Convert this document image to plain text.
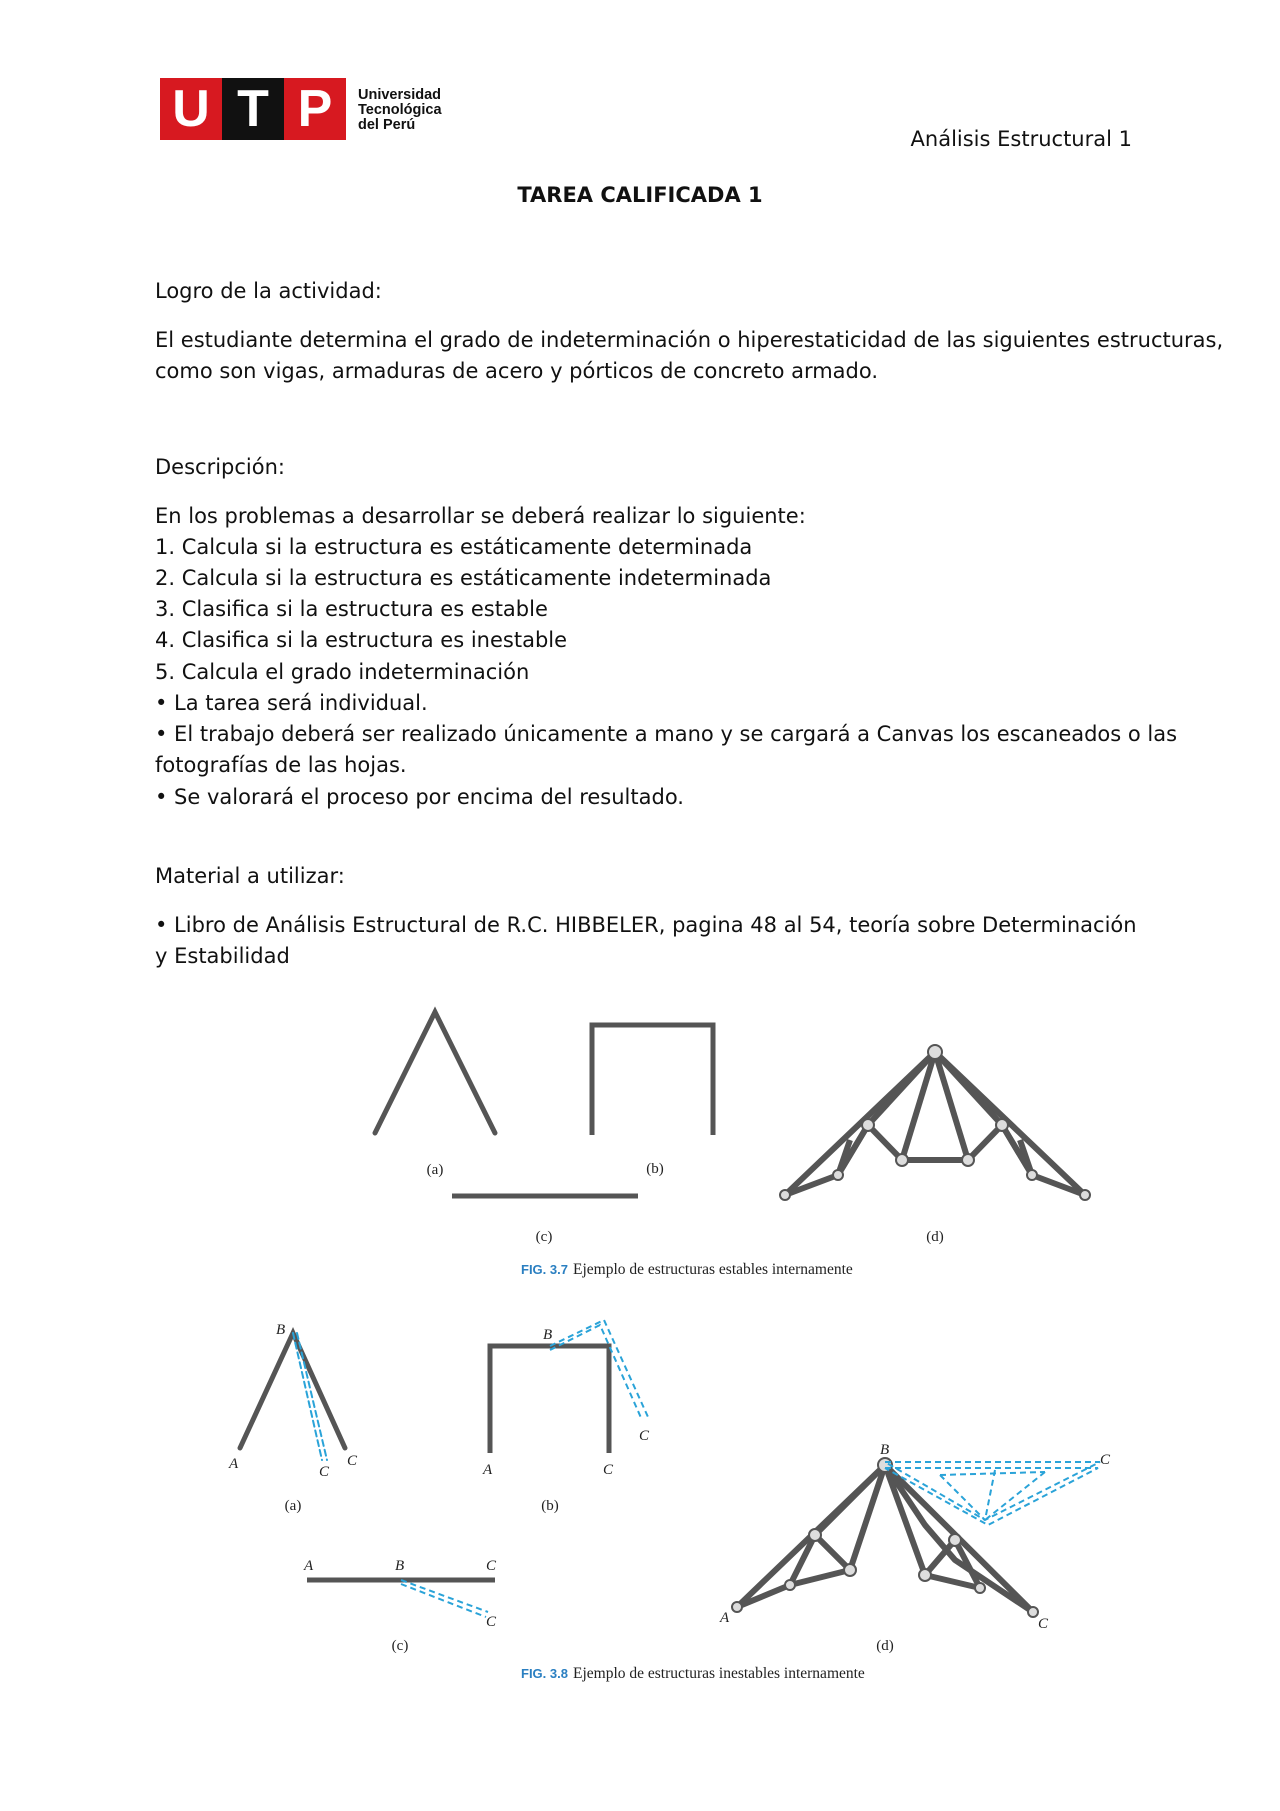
U T P	Universidad
Tecnológica
del Perú
Análisis Estructural 1
TAREA CALIFICADA 1
Logro de la actividad:
El estudiante determina el grado de indeterminación o hiperestaticidad de las siguientes estructuras,
como son vigas, armaduras de acero y pórticos de concreto armado.
Descripción:
En los problemas a desarrollar se deberá realizar lo siguiente:
1. Calcula si la estructura es estáticamente determinada
2. Calcula si la estructura es estáticamente indeterminada
3. Clasifica si la estructura es estable
4. Clasifica si la estructura es inestable
5. Calcula el grado indeterminación
• La tarea será individual.
• El trabajo deberá ser realizado únicamente a mano y se cargará a Canvas los escaneados o las
fotografías de las hojas.
• Se valorará el proceso por encima del resultado.
Material a utilizar:
• Libro de Análisis Estructural de R.C. HIBBELER, pagina 48 al 54, teoría sobre Determinación
y Estabilidad
(a)	(b)
(c)	(d)
FIG. 3.7 Ejemplo de estructuras estables internamente
B
A	C
C
(a)
B
C
A	C
(b)
A	B	C
C
(c)
B
C
A	C
(d)
FIG. 3.8 Ejemplo de estructuras inestables internamente
